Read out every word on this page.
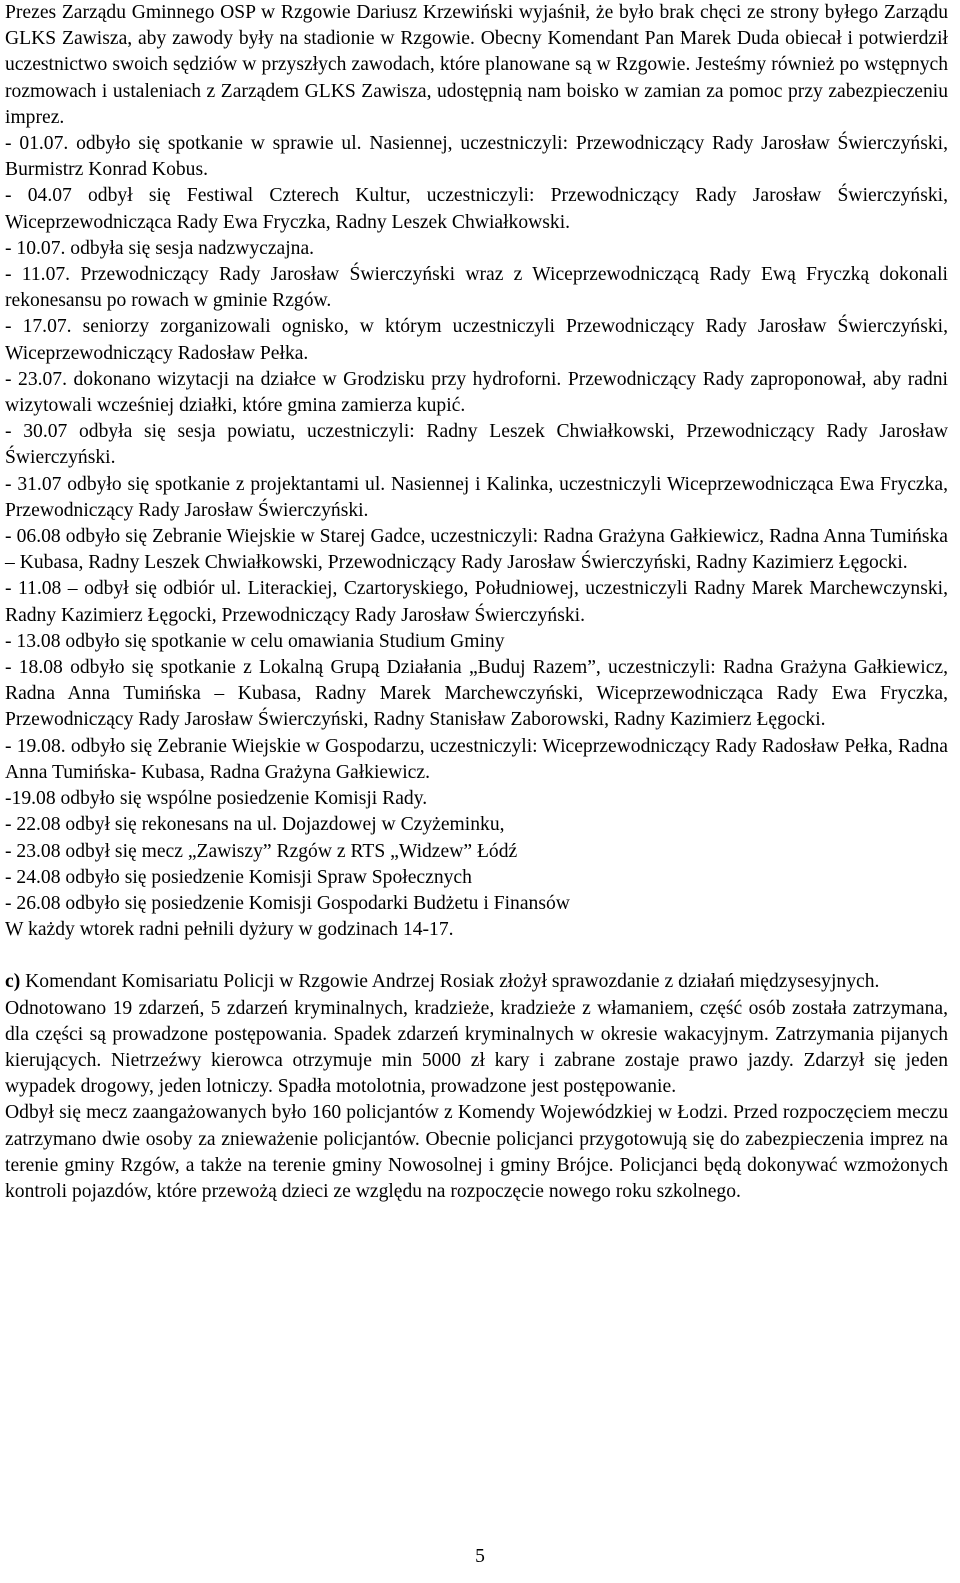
Prezes Zarządu Gminnego OSP w Rzgowie Dariusz Krzewiński wyjaśnił, że było brak chęci ze strony byłego Zarządu GLKS Zawisza, aby zawody były na stadionie w Rzgowie. Obecny Komendant Pan Marek Duda obiecał i potwierdził uczestnictwo swoich sędziów w przyszłych zawodach, które planowane są w Rzgowie. Jesteśmy również po wstępnych rozmowach i ustaleniach z Zarządem GLKS Zawisza, udostępnią nam boisko w zamian za pomoc przy zabezpieczeniu imprez.

- 01.07. odbyło się spotkanie w sprawie ul. Nasiennej, uczestniczyli: Przewodniczący Rady Jarosław Świerczyński, Burmistrz Konrad Kobus.

- 04.07 odbył się Festiwal Czterech Kultur, uczestniczyli: Przewodniczący Rady Jarosław Świerczyński, Wiceprzewodnicząca Rady Ewa Fryczka, Radny Leszek Chwiałkowski.

- 10.07. odbyła się sesja nadzwyczajna.

- 11.07. Przewodniczący Rady Jarosław Świerczyński wraz z Wiceprzewodniczącą Rady Ewą Fryczką dokonali rekonesansu po rowach w gminie Rzgów.

- 17.07. seniorzy zorganizowali ognisko, w którym uczestniczyli Przewodniczący Rady Jarosław Świerczyński, Wiceprzewodniczący Radosław Pełka.

- 23.07. dokonano wizytacji na działce w Grodzisku przy hydroforni. Przewodniczący Rady zaproponował, aby radni wizytowali wcześniej działki, które gmina zamierza kupić.

- 30.07 odbyła się sesja powiatu, uczestniczyli: Radny Leszek Chwiałkowski, Przewodniczący Rady Jarosław Świerczyński.

- 31.07 odbyło się spotkanie z projektantami ul. Nasiennej i Kalinka, uczestniczyli Wiceprzewodnicząca Ewa Fryczka, Przewodniczący Rady Jarosław Świerczyński.

- 06.08 odbyło się Zebranie Wiejskie w Starej Gadce, uczestniczyli: Radna Grażyna Gałkiewicz, Radna Anna Tumińska – Kubasa, Radny Leszek Chwiałkowski, Przewodniczący Rady Jarosław Świerczyński, Radny Kazimierz Łęgocki.

- 11.08 – odbył się odbiór ul. Literackiej, Czartoryskiego, Południowej, uczestniczyli Radny Marek Marchewczynski, Radny Kazimierz Łęgocki, Przewodniczący Rady Jarosław Świerczyński.

- 13.08 odbyło się spotkanie w celu omawiania Studium Gminy

- 18.08 odbyło się spotkanie z Lokalną Grupą Działania „Buduj Razem”, uczestniczyli: Radna Grażyna Gałkiewicz, Radna Anna Tumińska – Kubasa, Radny Marek Marchewczyński, Wiceprzewodnicząca Rady Ewa Fryczka, Przewodniczący Rady Jarosław Świerczyński, Radny Stanisław Zaborowski, Radny Kazimierz Łęgocki.

- 19.08. odbyło się Zebranie Wiejskie w Gospodarzu, uczestniczyli: Wiceprzewodniczący Rady Radosław Pełka, Radna Anna Tumińska- Kubasa, Radna Grażyna Gałkiewicz.

-19.08 odbyło się wspólne posiedzenie Komisji Rady.

- 22.08 odbył się rekonesans na ul. Dojazdowej w Czyżeminku,

- 23.08 odbył się mecz „Zawiszy” Rzgów z RTS „Widzew” Łódź

- 24.08 odbyło się posiedzenie Komisji Spraw Społecznych

- 26.08 odbyło się posiedzenie Komisji Gospodarki Budżetu i Finansów

W każdy wtorek radni pełnili dyżury w godzinach 14-17.

c) Komendant Komisariatu Policji w Rzgowie Andrzej Rosiak złożył sprawozdanie z działań międzysesyjnych.

Odnotowano 19 zdarzeń, 5 zdarzeń kryminalnych, kradzieże, kradzieże z włamaniem, część osób została zatrzymana, dla części są prowadzone postępowania. Spadek zdarzeń kryminalnych w okresie wakacyjnym. Zatrzymania pijanych kierujących. Nietrzeźwy kierowca otrzymuje min 5000 zł kary i zabrane zostaje prawo jazdy. Zdarzył się jeden wypadek drogowy, jeden lotniczy. Spadła motolotnia, prowadzone jest postępowanie.

Odbył się mecz zaangażowanych było 160 policjantów z Komendy Wojewódzkiej w Łodzi. Przed rozpoczęciem meczu zatrzymano dwie osoby za znieważenie policjantów. Obecnie policjanci przygotowują się do zabezpieczenia imprez na terenie gminy Rzgów, a także na terenie gminy Nowosolnej i gminy Brójce. Policjanci będą dokonywać wzmożonych kontroli pojazdów, które przewożą dzieci ze względu na rozpoczęcie nowego roku szkolnego.

5
